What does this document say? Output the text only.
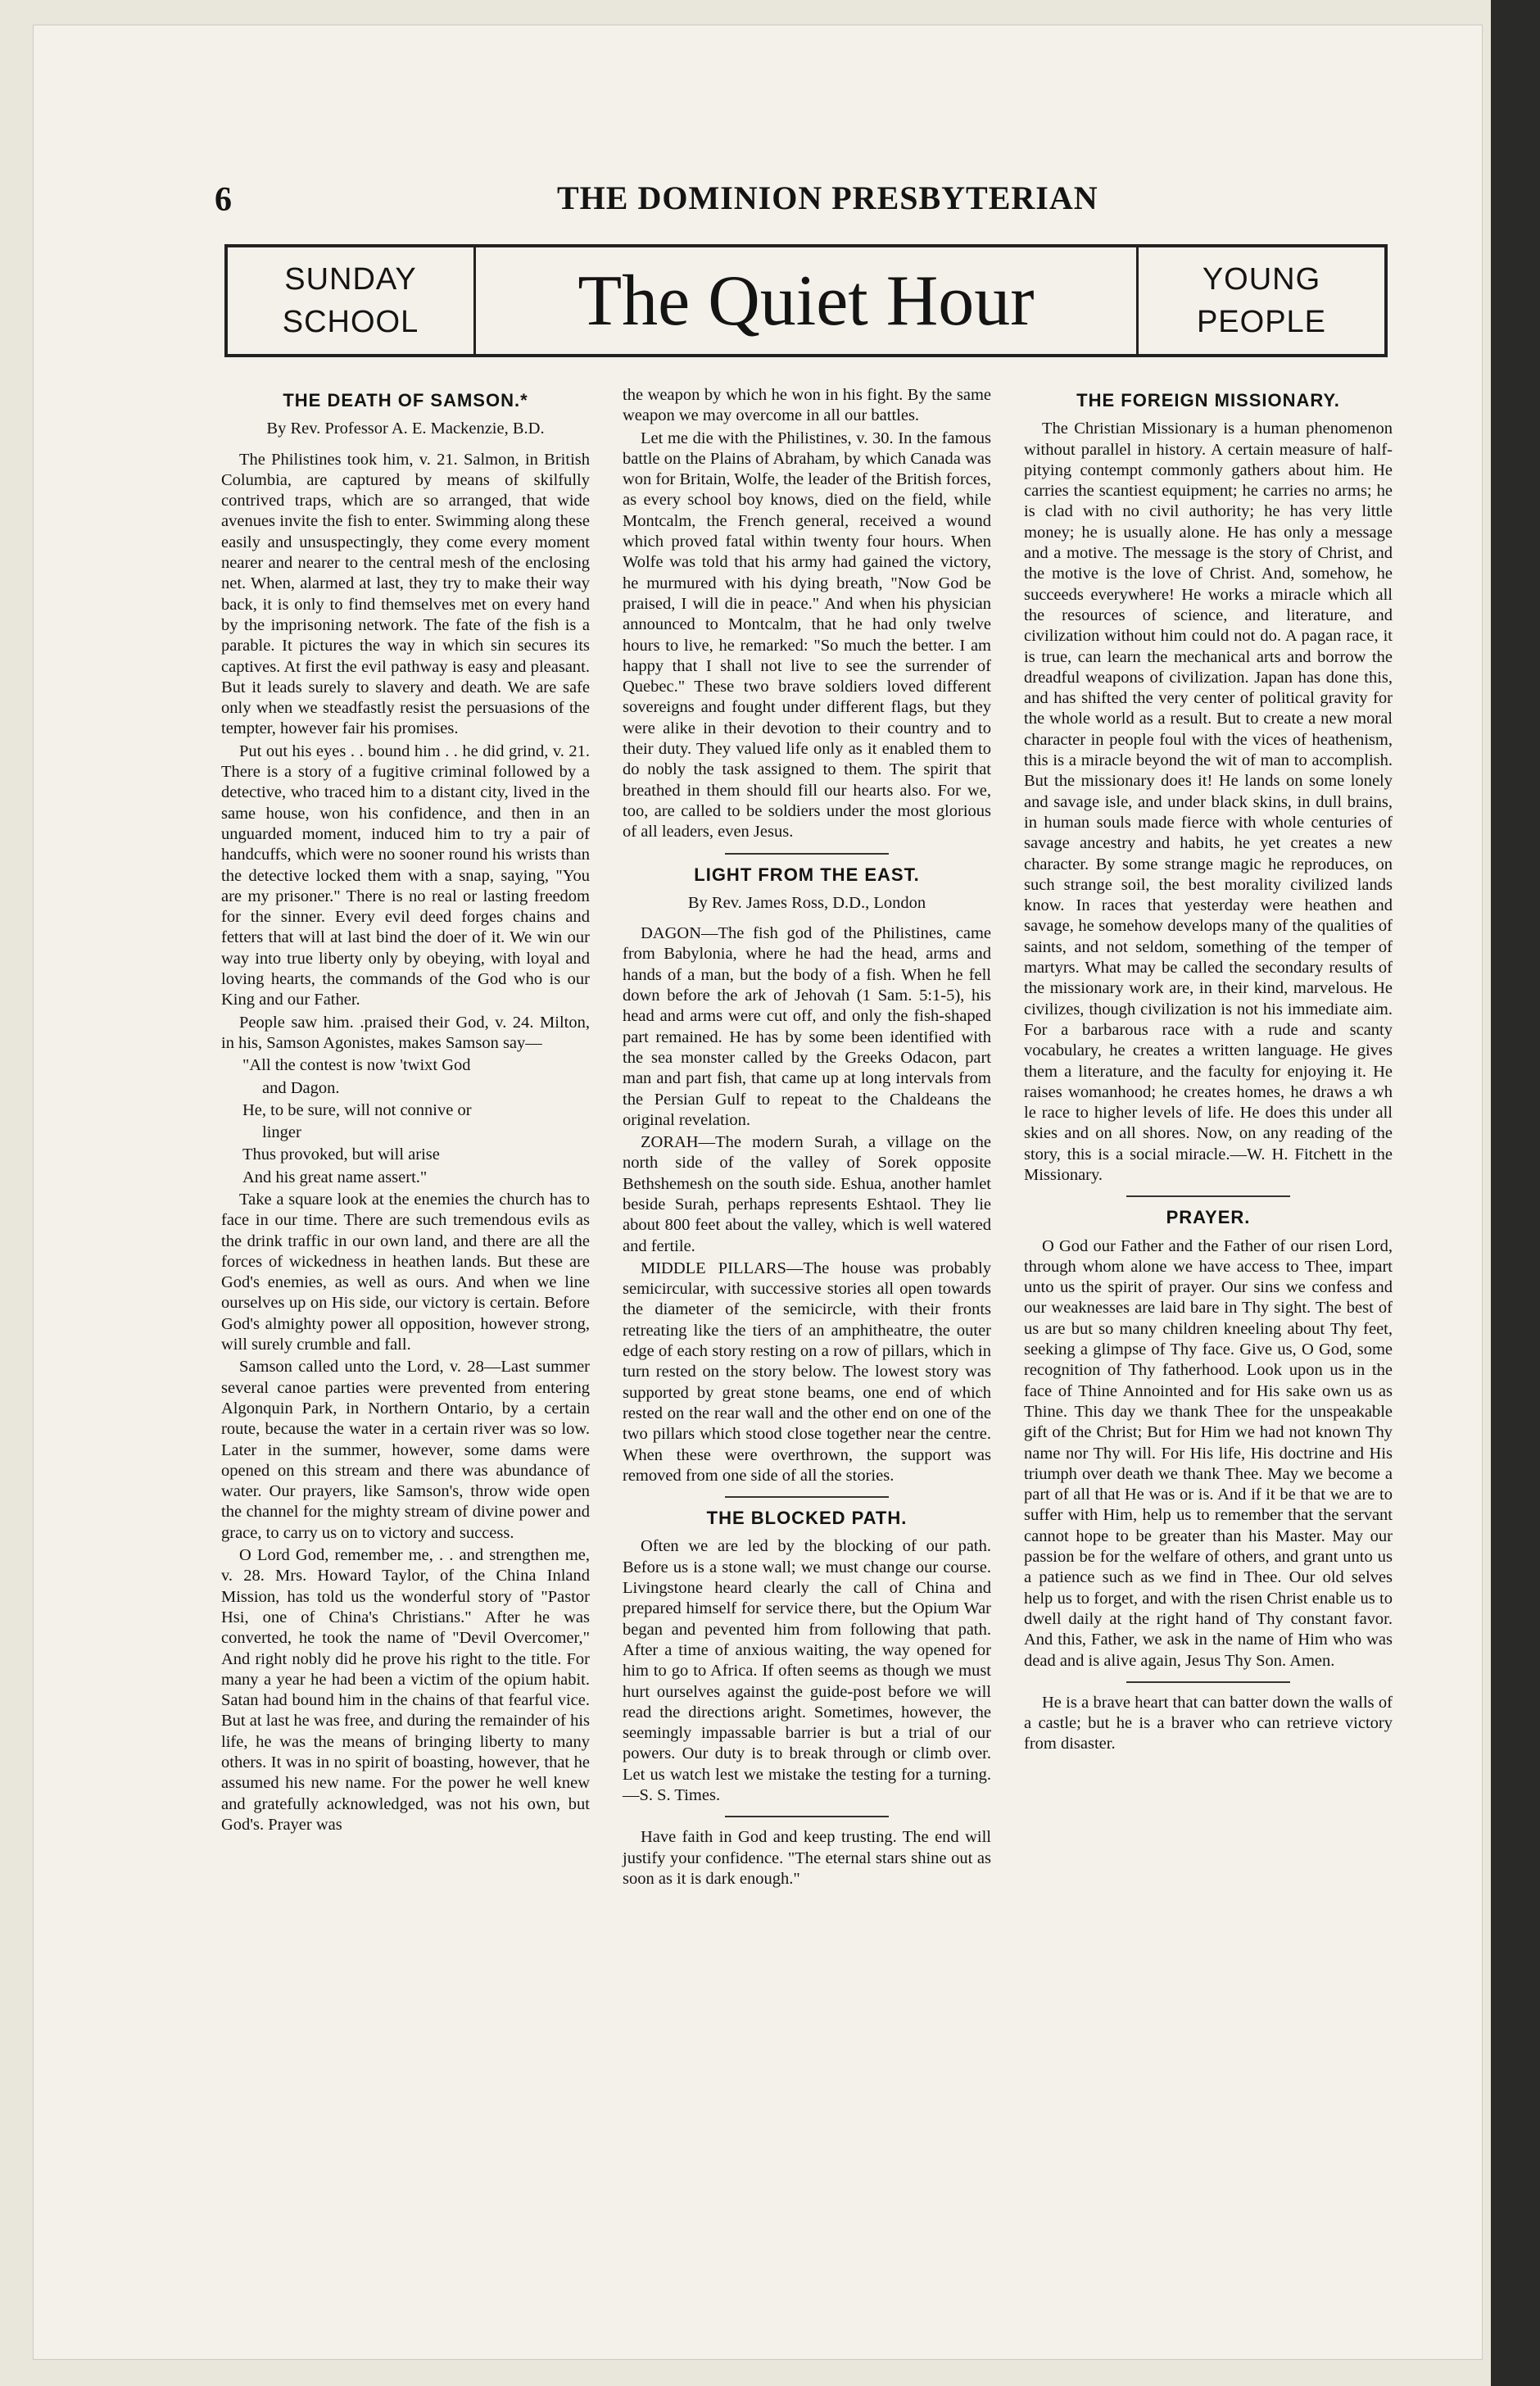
6	THE DOMINION PRESBYTERIAN
SUNDAY
SCHOOL	The Quiet Hour	YOUNG
PEOPLE
THE DEATH OF SAMSON.*
By Rev. Professor A. E. Mackenzie, B.D.

The Philistines took him, v. 21. Salmon, in British Columbia, are captured by means of skilfully contrived traps, which are so arranged, that wide avenues invite the fish to enter. Swimming along these easily and unsuspectingly, they come every moment nearer and nearer to the central mesh of the enclosing net. When, alarmed at last, they try to make their way back, it is only to find themselves met on every hand by the imprisoning network. The fate of the fish is a parable. It pictures the way in which sin secures its captives. At first the evil pathway is easy and pleasant. But it leads surely to slavery and death. We are safe only when we steadfastly resist the persuasions of the tempter, however fair his promises.

Put out his eyes . . bound him . . he did grind, v. 21. There is a story of a fugitive criminal followed by a detective, who traced him to a distant city, lived in the same house, won his confidence, and then in an unguarded moment, induced him to try a pair of handcuffs, which were no sooner round his wrists than the detective locked them with a snap, saying, "You are my prisoner." There is no real or lasting freedom for the sinner. Every evil deed forges chains and fetters that will at last bind the doer of it. We win our way into true liberty only by obeying, with loyal and loving hearts, the commands of the God who is our King and our Father.

People saw him. .praised their God, v. 24. Milton, in his, Samson Agonistes, makes Samson say—

"All the contest is now 'twixt God
and Dagon.
He, to be sure, will not connive or
linger
Thus provoked, but will arise
And his great name assert."

Take a square look at the enemies the church has to face in our time. There are such tremendous evils as the drink traffic in our own land, and there are all the forces of wickedness in heathen lands. But these are God's enemies, as well as ours. And when we line ourselves up on His side, our victory is certain. Before God's almighty power all opposition, however strong, will surely crumble and fall.

Samson called unto the Lord, v. 28—Last summer several canoe parties were prevented from entering Algonquin Park, in Northern Ontario, by a certain route, because the water in a certain river was so low. Later in the summer, however, some dams were opened on this stream and there was abundance of water. Our prayers, like Samson's, throw wide open the channel for the mighty stream of divine power and grace, to carry us on to victory and success.

O Lord God, remember me, . . and strengthen me, v. 28. Mrs. Howard Taylor, of the China Inland Mission, has told us the wonderful story of "Pastor Hsi, one of China's Christians." After he was converted, he took the name of "Devil Overcomer," And right nobly did he prove his right to the title. For many a year he had been a victim of the opium habit. Satan had bound him in the chains of that fearful vice. But at last he was free, and during the remainder of his life, he was the means of bringing liberty to many others. It was in no spirit of boasting, however, that he assumed his new name. For the power he well knew and gratefully acknowledged, was not his own, but God's. Prayer was

the weapon by which he won in his fight. By the same weapon we may overcome in all our battles.

Let me die with the Philistines, v. 30. In the famous battle on the Plains of Abraham, by which Canada was won for Britain, Wolfe, the leader of the British forces, as every school boy knows, died on the field, while Montcalm, the French general, received a wound which proved fatal within twenty four hours. When Wolfe was told that his army had gained the victory, he murmured with his dying breath, "Now God be praised, I will die in peace." And when his physician announced to Montcalm, that he had only twelve hours to live, he remarked: "So much the better. I am happy that I shall not live to see the surrender of Quebec." These two brave soldiers loved different sovereigns and fought under different flags, but they were alike in their devotion to their country and to their duty. They valued life only as it enabled them to do nobly the task assigned to them. The spirit that breathed in them should fill our hearts also. For we, too, are called to be soldiers under the most glorious of all leaders, even Jesus.

LIGHT FROM THE EAST.
By Rev. James Ross, D.D., London

DAGON—The fish god of the Philistines, came from Babylonia, where he had the head, arms and hands of a man, but the body of a fish. When he fell down before the ark of Jehovah (1 Sam. 5:1-5), his head and arms were cut off, and only the fish-shaped part remained. He has by some been identified with the sea monster called by the Greeks Odacon, part man and part fish, that came up at long intervals from the Persian Gulf to repeat to the Chaldeans the original revelation.

ZORAH—The modern Surah, a village on the north side of the valley of Sorek opposite Bethshemesh on the south side. Eshua, another hamlet beside Surah, perhaps represents Eshtaol. They lie about 800 feet about the valley, which is well watered and fertile.

MIDDLE PILLARS—The house was probably semicircular, with successive stories all open towards the diameter of the semicircle, with their fronts retreating like the tiers of an amphitheatre, the outer edge of each story resting on a row of pillars, which in turn rested on the story below. The lowest story was supported by great stone beams, one end of which rested on the rear wall and the other end on one of the two pillars which stood close together near the centre. When these were overthrown, the support was removed from one side of all the stories.

THE BLOCKED PATH.

Often we are led by the blocking of our path. Before us is a stone wall; we must change our course. Livingstone heard clearly the call of China and prepared himself for service there, but the Opium War began and pevented him from following that path. After a time of anxious waiting, the way opened for him to go to Africa. If often seems as though we must hurt ourselves against the guide-post before we will read the directions aright. Sometimes, however, the seemingly impassable barrier is but a trial of our powers. Our duty is to break through or climb over. Let us watch lest we mistake the testing for a turning.—S. S. Times.

Have faith in God and keep trusting. The end will justify your confidence. "The eternal stars shine out as soon as it is dark enough."

THE FOREIGN MISSIONARY.

The Christian Missionary is a human phenomenon without parallel in history. A certain measure of half-pitying contempt commonly gathers about him. He carries the scantiest equipment; he carries no arms; he is clad with no civil authority; he has very little money; he is usually alone. He has only a message and a motive. The message is the story of Christ, and the motive is the love of Christ. And, somehow, he succeeds everywhere! He works a miracle which all the resources of science, and literature, and civilization without him could not do. A pagan race, it is true, can learn the mechanical arts and borrow the dreadful weapons of civilization. Japan has done this, and has shifted the very center of political gravity for the whole world as a result. But to create a new moral character in people foul with the vices of heathenism, this is a miracle beyond the wit of man to accomplish. But the missionary does it! He lands on some lonely and savage isle, and under black skins, in dull brains, in human souls made fierce with whole centuries of savage ancestry and habits, he yet creates a new character. By some strange magic he reproduces, on such strange soil, the best morality civilized lands know. In races that yesterday were heathen and savage, he somehow develops many of the qualities of saints, and not seldom, something of the temper of martyrs. What may be called the secondary results of the missionary work are, in their kind, marvelous. He civilizes, though civilization is not his immediate aim. For a barbarous race with a rude and scanty vocabulary, he creates a written language. He gives them a literature, and the faculty for enjoying it. He raises womanhood; he creates homes, he draws a wh le race to higher levels of life. He does this under all skies and on all shores. Now, on any reading of the story, this is a social miracle.—W. H. Fitchett in the Missionary.

PRAYER.

O God our Father and the Father of our risen Lord, through whom alone we have access to Thee, impart unto us the spirit of prayer. Our sins we confess and our weaknesses are laid bare in Thy sight. The best of us are but so many children kneeling about Thy feet, seeking a glimpse of Thy face. Give us, O God, some recognition of Thy fatherhood. Look upon us in the face of Thine Annointed and for His sake own us as Thine. This day we thank Thee for the unspeakable gift of the Christ; But for Him we had not known Thy name nor Thy will. For His life, His doctrine and His triumph over death we thank Thee. May we become a part of all that He was or is. And if it be that we are to suffer with Him, help us to remember that the servant cannot hope to be greater than his Master. May our passion be for the welfare of others, and grant unto us a patience such as we find in Thee. Our old selves help us to forget, and with the risen Christ enable us to dwell daily at the right hand of Thy constant favor. And this, Father, we ask in the name of Him who was dead and is alive again, Jesus Thy Son. Amen.

He is a brave heart that can batter down the walls of a castle; but he is a braver who can retrieve victory from disaster.
